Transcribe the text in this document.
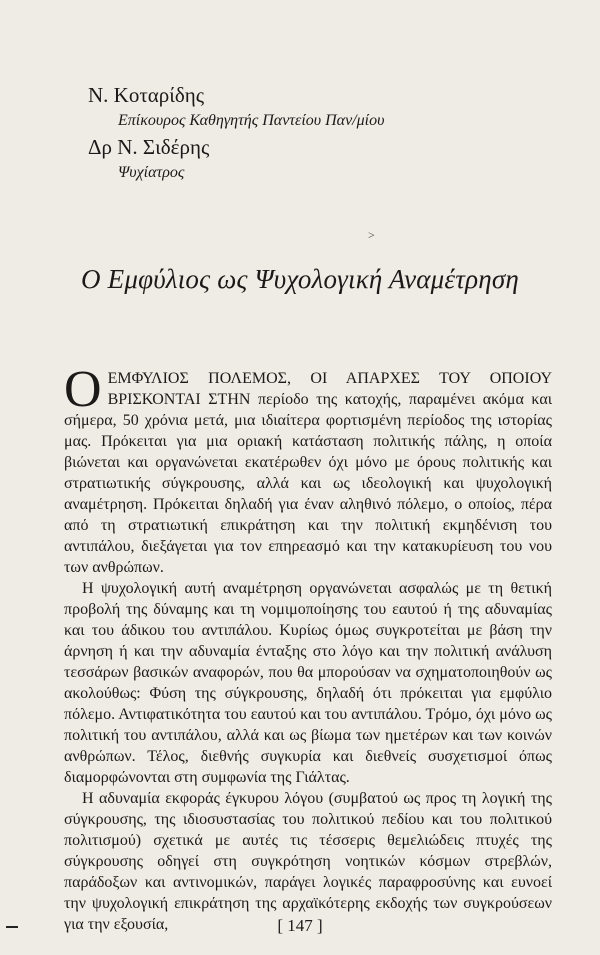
Ν. Κοταρίδης
Επίκουρος Καθηγητής Παντείου Παν/μίου
Δρ Ν. Σιδέρης
Ψυχίατρος
˃
Ο Εμφύλιος ως Ψυχολογική Αναμέτρηση

ΟΕΜΦΥΛΙΟΣ ΠΟΛΕΜΟΣ, ΟΙ ΑΠΑΡΧΕΣ ΤΟΥ ΟΠΟΙΟΥ ΒΡΙΣΚΟΝΤΑΙ ΣΤΗΝ περίοδο της κατοχής, παραμένει ακόμα και σήμερα, 50 χρόνια μετά, μια ιδιαίτερα φορτισμένη περίοδος της ιστορίας μας. Πρόκειται για μια οριακή κατάσταση πολιτικής πάλης, η οποία βιώνεται και οργανώνεται εκατέρωθεν όχι μόνο με όρους πολιτικής και στρατιωτικής σύγκρουσης, αλλά και ως ιδεολογική και ψυχολογική αναμέτρηση. Πρόκειται δηλαδή για έναν αληθινό πόλεμο, ο οποίος, πέρα από τη στρατιωτική επικράτηση και την πολιτική εκμηδένιση του αντιπάλου, διεξάγεται για τον επηρεασμό και την κατακυρίευση του νου των ανθρώπων.

Η ψυχολογική αυτή αναμέτρηση οργανώνεται ασφαλώς με τη θετική προβολή της δύναμης και τη νομιμοποίησης του εαυτού ή της αδυναμίας και του άδικου του αντιπάλου. Κυρίως όμως συγκροτείται με βάση την άρνηση ή και την αδυναμία ένταξης στο λόγο και την πολιτική ανάλυση τεσσάρων βασικών αναφορών, που θα μπορούσαν να σχηματοποιηθούν ως ακολούθως: Φύση της σύγκρουσης, δηλαδή ότι πρόκειται για εμφύλιο πόλεμο. Αντιφατικότητα του εαυτού και του αντιπάλου. Τρόμο, όχι μόνο ως πολιτική του αντιπάλου, αλλά και ως βίωμα των ημετέρων και των κοινών ανθρώπων. Τέλος, διεθνής συγκυρία και διεθνείς συσχετισμοί όπως διαμορφώνονται στη συμφωνία της Γιάλτας.

Η αδυναμία εκφοράς έγκυρου λόγου (συμβατού ως προς τη λογική της σύγκρουσης, της ιδιοσυστασίας του πολιτικού πεδίου και του πολιτικού πολιτισμού) σχετικά με αυτές τις τέσσερις θεμελιώδεις πτυχές της σύγκρουσης οδηγεί στη συγκρότηση νοητικών κόσμων στρεβλών, παράδοξων και αντινομικών, παράγει λογικές παραφροσύνης και ευνοεί την ψυχολογική επικράτηση της αρχαϊκότερης εκδοχής των συγκρούσεων για την εξουσία,	[ 147 ]
